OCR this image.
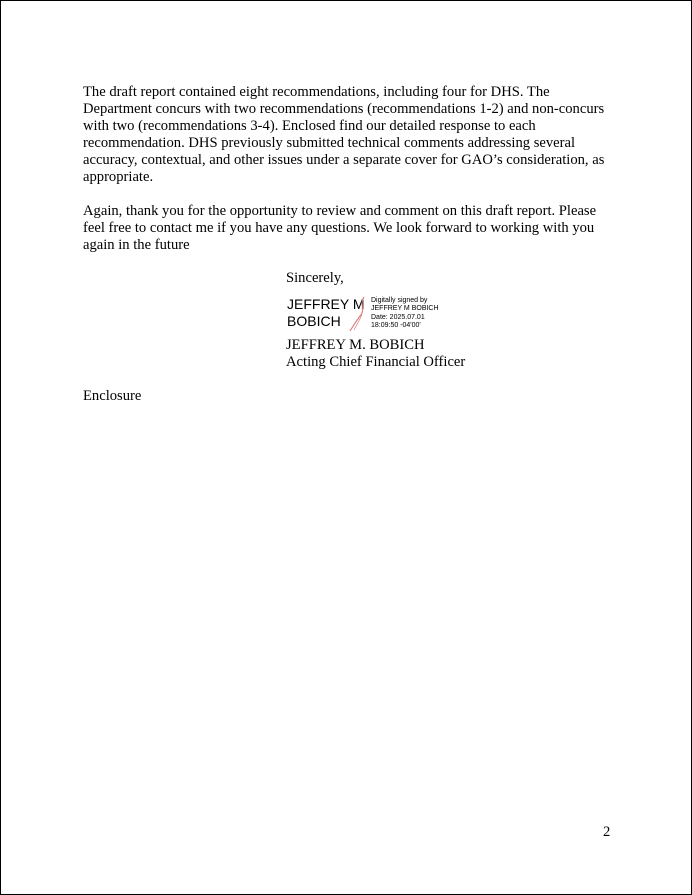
The draft report contained eight recommendations, including four for DHS. The Department concurs with two recommendations (recommendations 1-2) and non-concurs with two (recommendations 3-4). Enclosed find our detailed response to each recommendation. DHS previously submitted technical comments addressing several accuracy, contextual, and other issues under a separate cover for GAO’s consideration, as appropriate.

Again, thank you for the opportunity to review and comment on this draft report. Please feel free to contact me if you have any questions. We look forward to working with you again in the future

Sincerely,

JEFFREY M
BOBICH
Digitally signed by
JEFFREY M BOBICH
Date: 2025.07.01
18:09:50 -04'00'

JEFFREY M. BOBICH

Acting Chief Financial Officer

Enclosure

2
